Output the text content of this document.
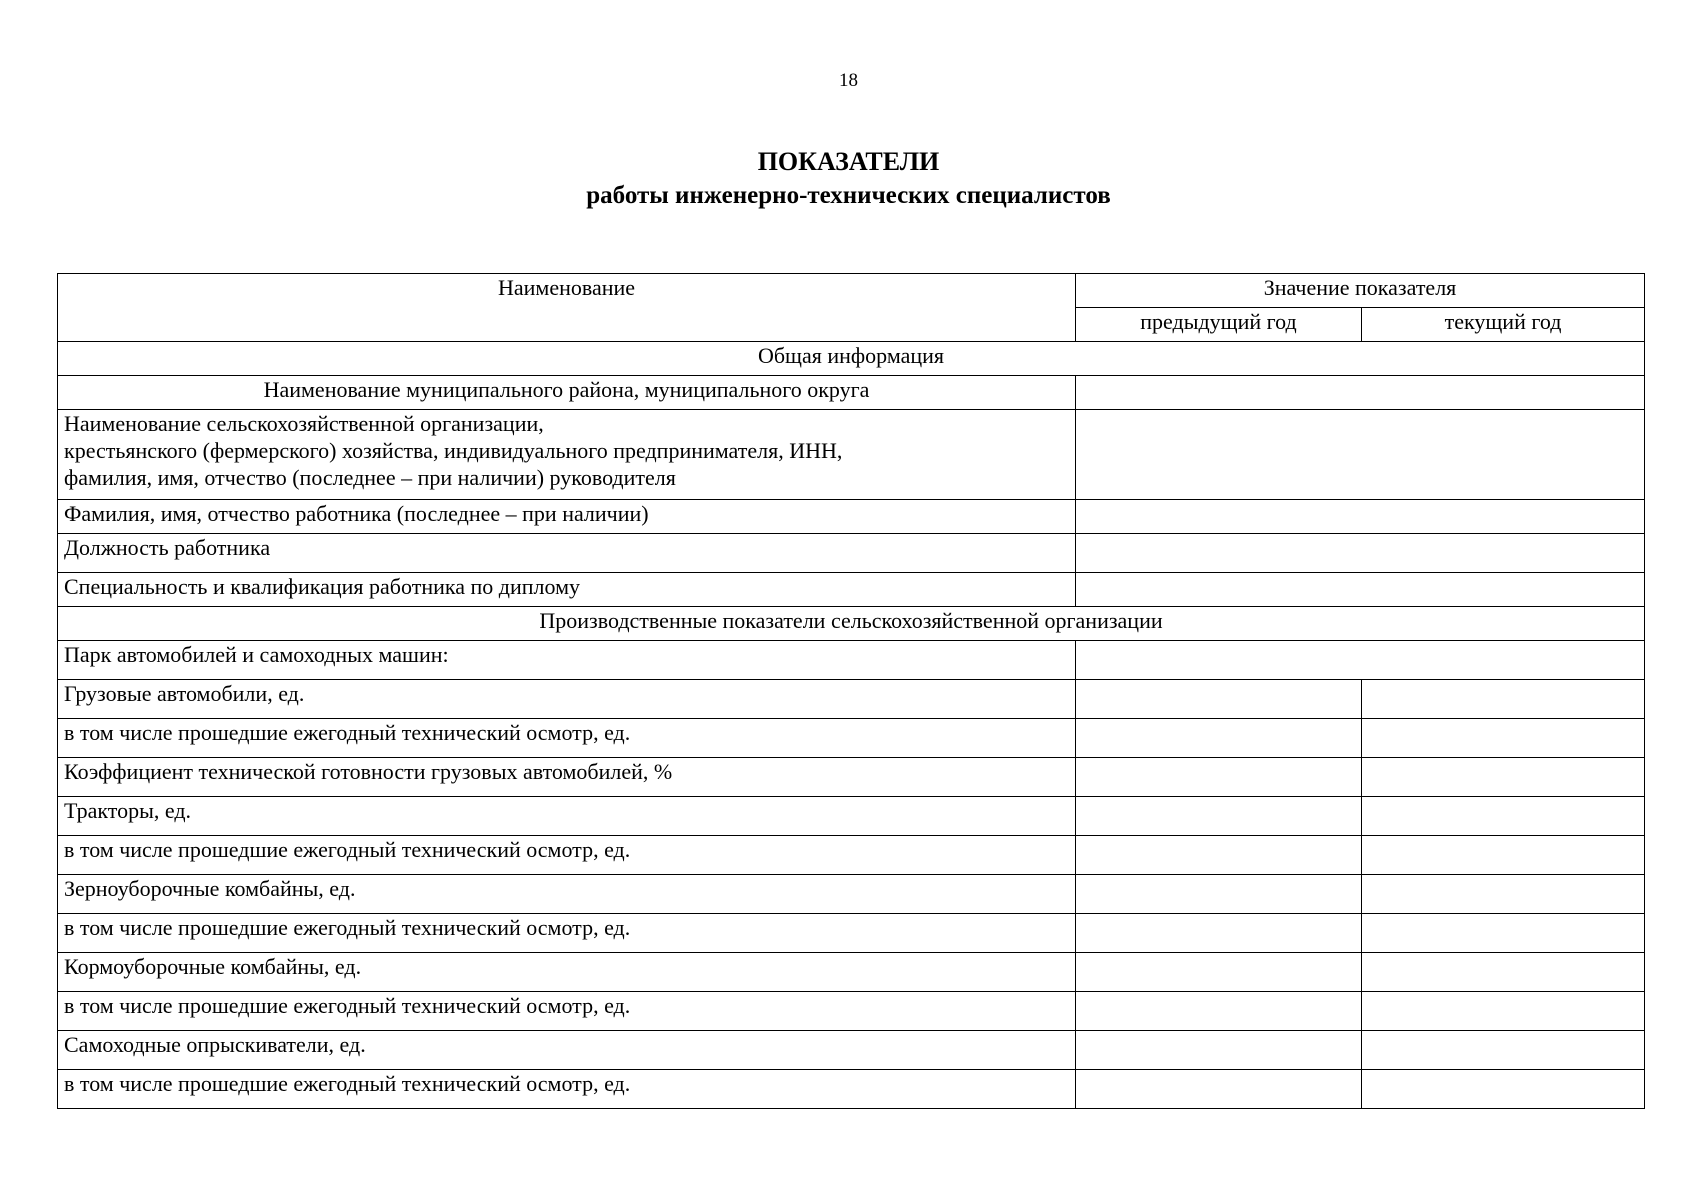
18
ПОКАЗАТЕЛИ
работы инженерно-технических специалистов
Наименование	Значение показателя	
	предыдущий год	текущий год
Общая информация		
Наименование муниципального района, муниципального округа		

Наименование сельскохозяйственной организации,
крестьянского (фермерского) хозяйства, индивидуального предпринимателя, ИНН,
фамилия, имя, отчество (последнее – при наличии) руководителя		

Фамилия, имя, отчество работника (последнее – при наличии)		
Должность работника		
Специальность и квалификация работника по диплому		
Производственные показатели сельскохозяйственной организации		
Парк автомобилей и самоходных машин:		
Грузовые автомобили, ед.		
в том числе прошедшие ежегодный технический осмотр, ед.		
Коэффициент технической готовности грузовых автомобилей, %		
Тракторы, ед.		
в том числе прошедшие ежегодный технический осмотр, ед.		
Зерноуборочные комбайны, ед.		
в том числе прошедшие ежегодный технический осмотр, ед.		
Кормоуборочные комбайны, ед.		
в том числе прошедшие ежегодный технический осмотр, ед.		
Самоходные опрыскиватели, ед.		
в том числе прошедшие ежегодный технический осмотр, ед.		
